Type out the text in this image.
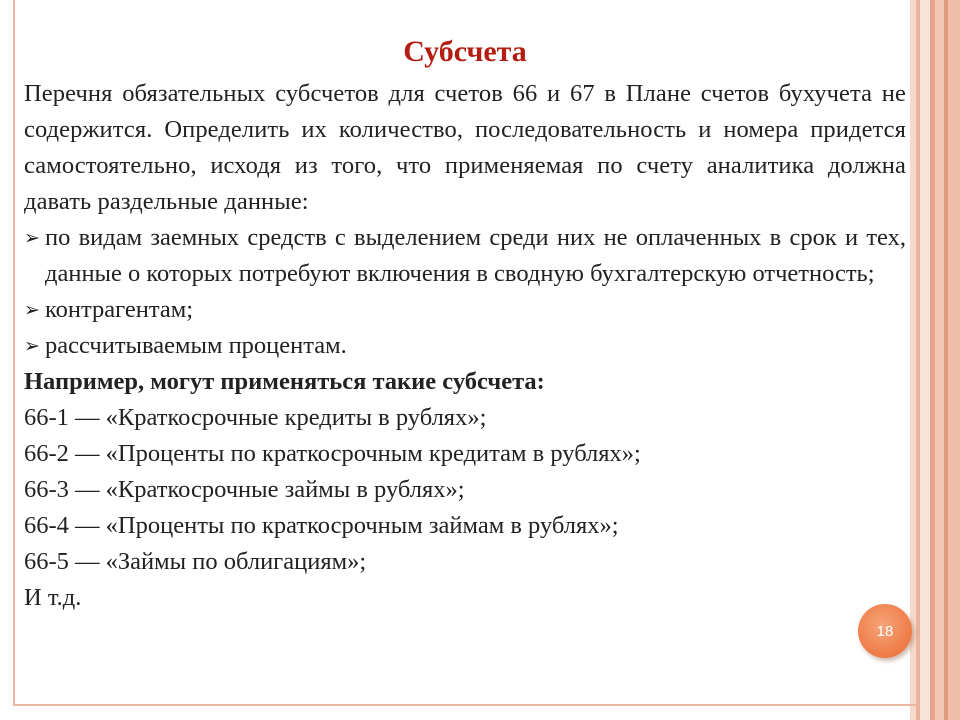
Субсчета

Перечня обязательных субсчетов для счетов 66 и 67 в Плане счетов бухучета не содержится. Определить их количество, последовательность и номера придется самостоятельно, исходя из того, что применяемая по счету аналитика должна давать раздельные данные:

➢ по видам заемных средств с выделением среди них не оплаченных в срок и тех, данные о которых потребуют включения в сводную бухгалтерскую отчетность;

➢ контрагентам;

➢ рассчитываемым процентам.

Например, могут применяться такие субсчета:

66-1 — «Краткосрочные кредиты в рублях»;

66-2 — «Проценты по краткосрочным кредитам в рублях»;

66-3 — «Краткосрочные займы в рублях»;

66-4 — «Проценты по краткосрочным займам в рублях»;

66-5 — «Займы по облигациям»;

И т.д.

18
